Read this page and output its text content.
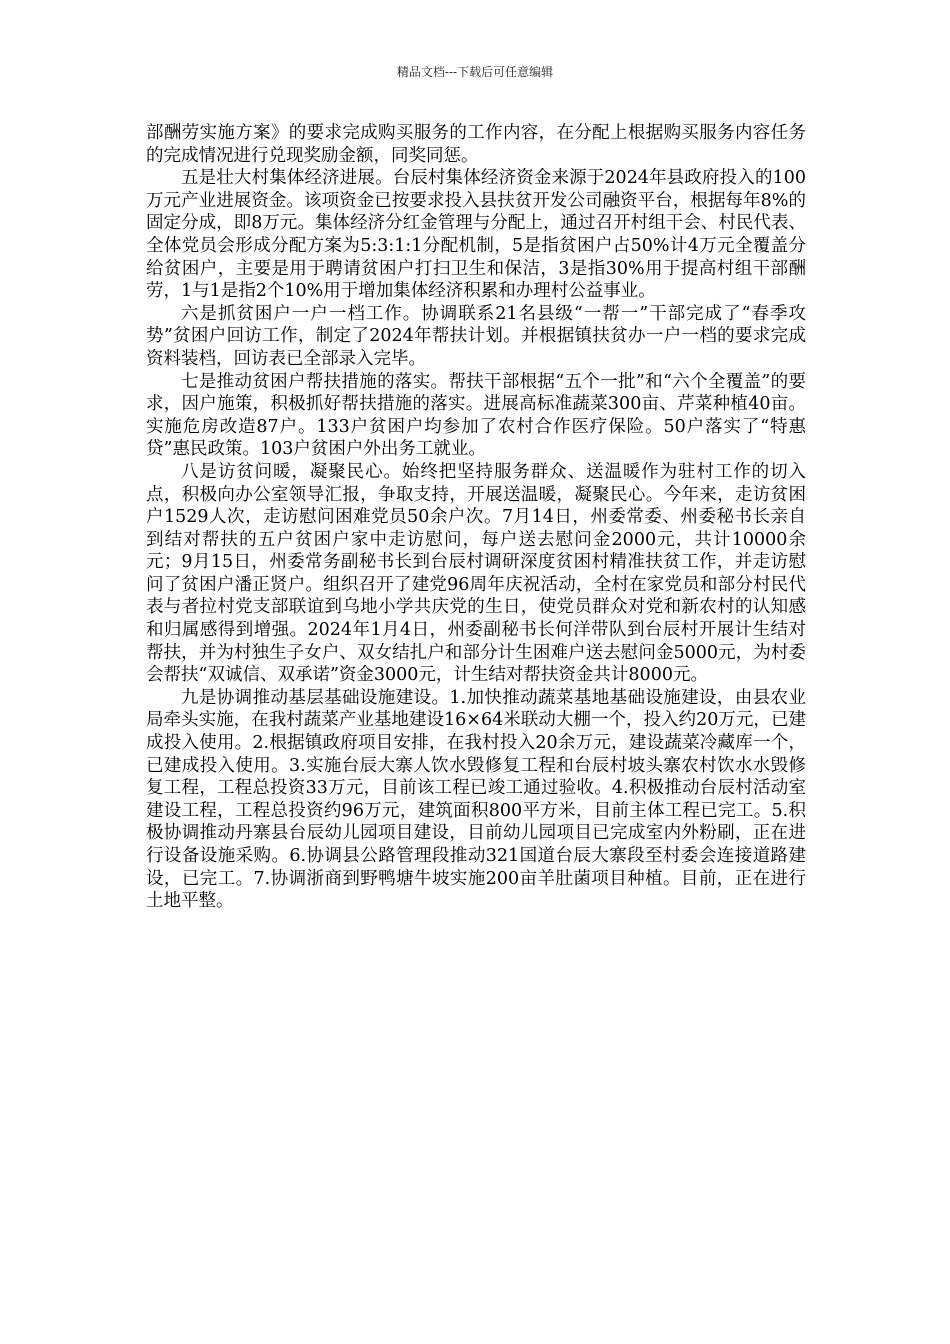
精品文档---下载后可任意编辑

部酬劳实施方案》的要求完成购买服务的工作内容，在分配上根据购买服务内容任务的完成情况进行兑现奖励金额，同奖同惩。

五是壮大村集体经济进展。台辰村集体经济资金来源于2024年县政府投入的100万元产业进展资金。该项资金已按要求投入县扶贫开发公司融资平台，根据每年8%的固定分成，即8万元。集体经济分红金管理与分配上，通过召开村组干会、村民代表、全体党员会形成分配方案为5:3:1:1分配机制，5是指贫困户占50%计4万元全覆盖分给贫困户，主要是用于聘请贫困户打扫卫生和保洁，3是指30%用于提高村组干部酬劳，1与1是指2个10%用于增加集体经济积累和办理村公益事业。

六是抓贫困户一户一档工作。协调联系21名县级“一帮一”干部完成了“春季攻势”贫困户回访工作，制定了2024年帮扶计划。并根据镇扶贫办一户一档的要求完成资料装档，回访表已全部录入完毕。

七是推动贫困户帮扶措施的落实。帮扶干部根据“五个一批”和“六个全覆盖”的要求，因户施策，积极抓好帮扶措施的落实。进展高标准蔬菜300亩、芹菜种植40亩。实施危房改造87户。133户贫困户均参加了农村合作医疗保险。50户落实了“特惠贷”惠民政策。103户贫困户外出务工就业。

八是访贫问暖，凝聚民心。始终把坚持服务群众、送温暖作为驻村工作的切入点，积极向办公室领导汇报，争取支持，开展送温暖，凝聚民心。今年来，走访贫困户1529人次，走访慰问困难党员50余户次。7月14日，州委常委、州委秘书长亲自到结对帮扶的五户贫困户家中走访慰问，每户送去慰问金2000元，共计10000余元；9月15日，州委常务副秘书长到台辰村调研深度贫困村精准扶贫工作，并走访慰问了贫困户潘正贤户。组织召开了建党96周年庆祝活动，全村在家党员和部分村民代表与者拉村党支部联谊到乌地小学共庆党的生日，使党员群众对党和新农村的认知感和归属感得到增强。2024年1月4日，州委副秘书长何洋带队到台辰村开展计生结对帮扶，并为村独生子女户、双女结扎户和部分计生困难户送去慰问金5000元，为村委会帮扶“双诚信、双承诺”资金3000元，计生结对帮扶资金共计8000元。

九是协调推动基层基础设施建设。1.加快推动蔬菜基地基础设施建设，由县农业局牵头实施，在我村蔬菜产业基地建设16×64米联动大棚一个，投入约20万元，已建成投入使用。2.根据镇政府项目安排，在我村投入20余万元，建设蔬菜冷藏库一个，已建成投入使用。3.实施台辰大寨人饮水毁修复工程和台辰村坡头寨农村饮水水毁修复工程，工程总投资33万元，目前该工程已竣工通过验收。4.积极推动台辰村活动室建设工程，工程总投资约96万元，建筑面积800平方米，目前主体工程已完工。5.积极协调推动丹寨县台辰幼儿园项目建设，目前幼儿园项目已完成室内外粉刷，正在进行设备设施采购。6.协调县公路管理段推动321国道台辰大寨段至村委会连接道路建设，已完工。7.协调浙商到野鸭塘牛坡实施200亩羊肚菌项目种植。目前，正在进行土地平整。
